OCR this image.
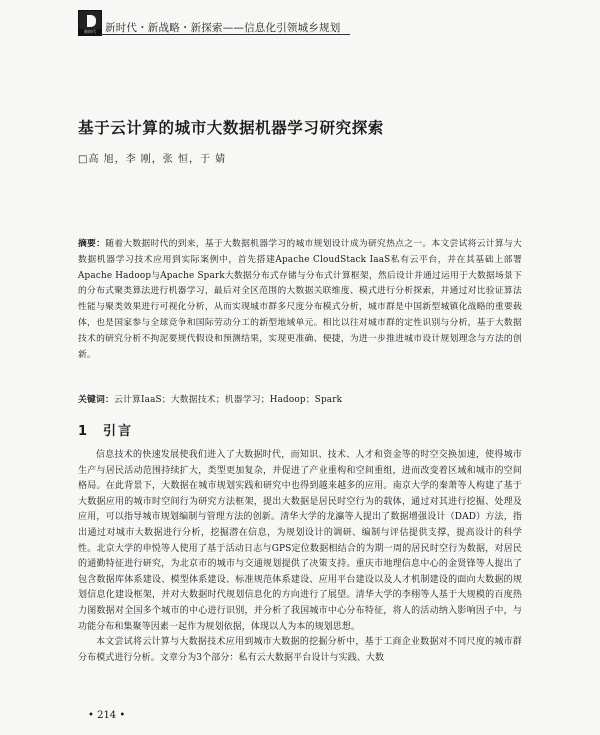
新时代 新时代・新战略・新探索——信息化引领城乡规划
基于云计算的城市大数据机器学习研究探索
□高 旭，李 刚，张 恒，于 婧
摘要：随着大数据时代的到来，基于大数据机器学习的城市规划设计成为研究热点之一。本文尝试将云计算与大数据机器学习技术应用到实际案例中，首先搭建Apache CloudStack IaaS私有云平台，并在其基础上部署Apache Hadoop与Apache Spark大数据分布式存储与分布式计算框架，然后设计并通过运用于大数据场景下的分布式聚类算法进行机器学习，最后对全区范围的大数据关联维度、模式进行分析探索，并通过对比验证算法性能与聚类效果进行可视化分析，从而实现城市群多尺度分布模式分析，城市群是中国新型城镇化战略的重要载体，也是国家参与全球竞争和国际劳动分工的新型地域单元。相比以往对城市群的定性识别与分析，基于大数据技术的研究分析不拘泥要规代假设和预测结果，实现更准确、便捷，为进一步推进城市设计规划理念与方法的创新。
关键词：云计算IaaS；大数据技术；机器学习；Hadoop；Spark
1 引言

信息技术的快速发展使我们进入了大数据时代，而知识、技术、人才和资金等的时空交换加速，使得城市生产与居民活动范围持续扩大，类型更加复杂，并促进了产业重构和空间重组，进而改变着区域和城市的空间格局。在此背景下，大数据在城市规划实践和研究中也得到越来越多的应用。南京大学的秦萧等人构建了基于大数据应用的城市时空间行为研究方法框架，提出大数据是居民时空行为的载体，通过对其进行挖掘、处理及应用，可以指导城市规划编制与管理方法的创新。清华大学的龙瀛等人提出了数据增强设计（DAD）方法，指出通过对城市大数据进行分析，挖掘潜在信息，为规划设计的调研、编制与评估提供支撑，提高设计的科学性。北京大学的申悦等人使用了基于活动日志与GPS定位数据相结合的为期一周的居民时空行为数据，对居民的通勤特征进行研究，为北京市的城市与交通规划提供了决策支持。重庆市地理信息中心的金贤锋等人提出了包含数据库体系建设、模型体系建设、标准规范体系建设、应用平台建设以及人才机制建设的面向大数据的规划信息化建设框架，并对大数据时代规划信息化的方向进行了展望。清华大学的李栩等人基于大规模的百度热力图数据对全国多个城市的中心进行识别，并分析了我国城市中心分布特征，将人的活动纳入影响因子中，与功能分布和集聚等因素一起作为规划依据，体现以人为本的规划思想。

本文尝试将云计算与大数据技术应用到城市大数据的挖掘分析中，基于工商企业数据对不同尺度的城市群分布模式进行分析。文章分为3个部分：私有云大数据平台设计与实践、大数

• 214 •
